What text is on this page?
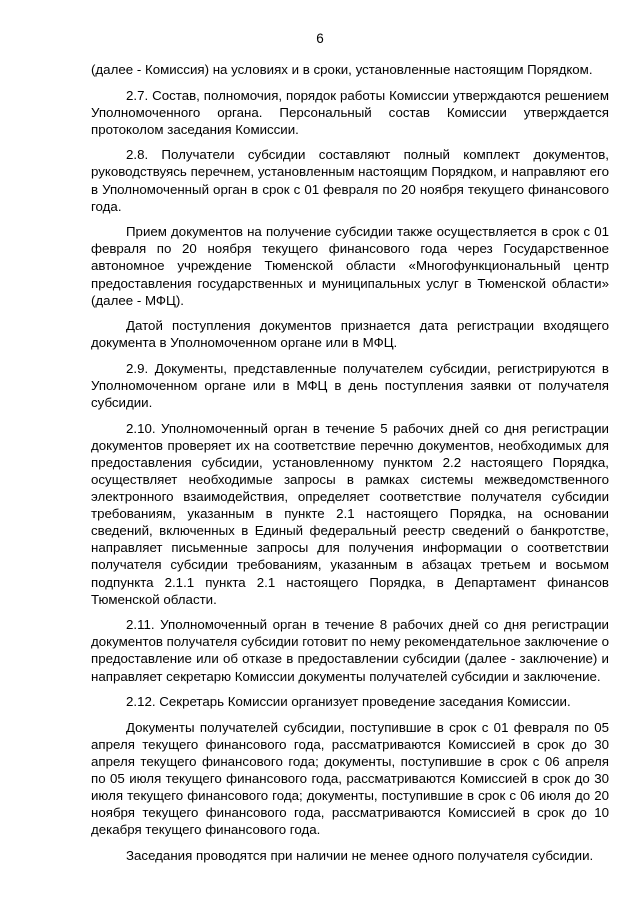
6

(далее - Комиссия) на условиях и в сроки, установленные настоящим Порядком.

2.7. Состав, полномочия, порядок работы Комиссии утверждаются решением Уполномоченного органа. Персональный состав Комиссии утверждается протоколом заседания Комиссии.

2.8. Получатели субсидии составляют полный комплект документов, руководствуясь перечнем, установленным настоящим Порядком, и направляют его в Уполномоченный орган в срок с 01 февраля по 20 ноября текущего финансового года.

Прием документов на получение субсидии также осуществляется в срок с 01 февраля по 20 ноября текущего финансового года через Государственное автономное учреждение Тюменской области «Многофункциональный центр предоставления государственных и муниципальных услуг в Тюменской области» (далее - МФЦ).

Датой поступления документов признается дата регистрации входящего документа в Уполномоченном органе или в МФЦ.

2.9. Документы, представленные получателем субсидии, регистрируются в Уполномоченном органе или в МФЦ в день поступления заявки от получателя субсидии.

2.10. Уполномоченный орган в течение 5 рабочих дней со дня регистрации документов проверяет их на соответствие перечню документов, необходимых для предоставления субсидии, установленному пунктом 2.2 настоящего Порядка, осуществляет необходимые запросы в рамках системы межведомственного электронного взаимодействия, определяет соответствие получателя субсидии требованиям, указанным в пункте 2.1 настоящего Порядка, на основании сведений, включенных в Единый федеральный реестр сведений о банкротстве, направляет письменные запросы для получения информации о соответствии получателя субсидии требованиям, указанным в абзацах третьем и восьмом подпункта 2.1.1 пункта 2.1 настоящего Порядка, в Департамент финансов Тюменской области.

2.11. Уполномоченный орган в течение 8 рабочих дней со дня регистрации документов получателя субсидии готовит по нему рекомендательное заключение о предоставление или об отказе в предоставлении субсидии (далее - заключение) и направляет секретарю Комиссии документы получателей субсидии и заключение.

2.12. Секретарь Комиссии организует проведение заседания Комиссии.

Документы получателей субсидии, поступившие в срок с 01 февраля по 05 апреля текущего финансового года, рассматриваются Комиссией в срок до 30 апреля текущего финансового года; документы, поступившие в срок с 06 апреля по 05 июля текущего финансового года, рассматриваются Комиссией в срок до 30 июля текущего финансового года; документы, поступившие в срок с 06 июля до 20 ноября текущего финансового года, рассматриваются Комиссией в срок до 10 декабря текущего финансового года.

Заседания проводятся при наличии не менее одного получателя субсидии.
